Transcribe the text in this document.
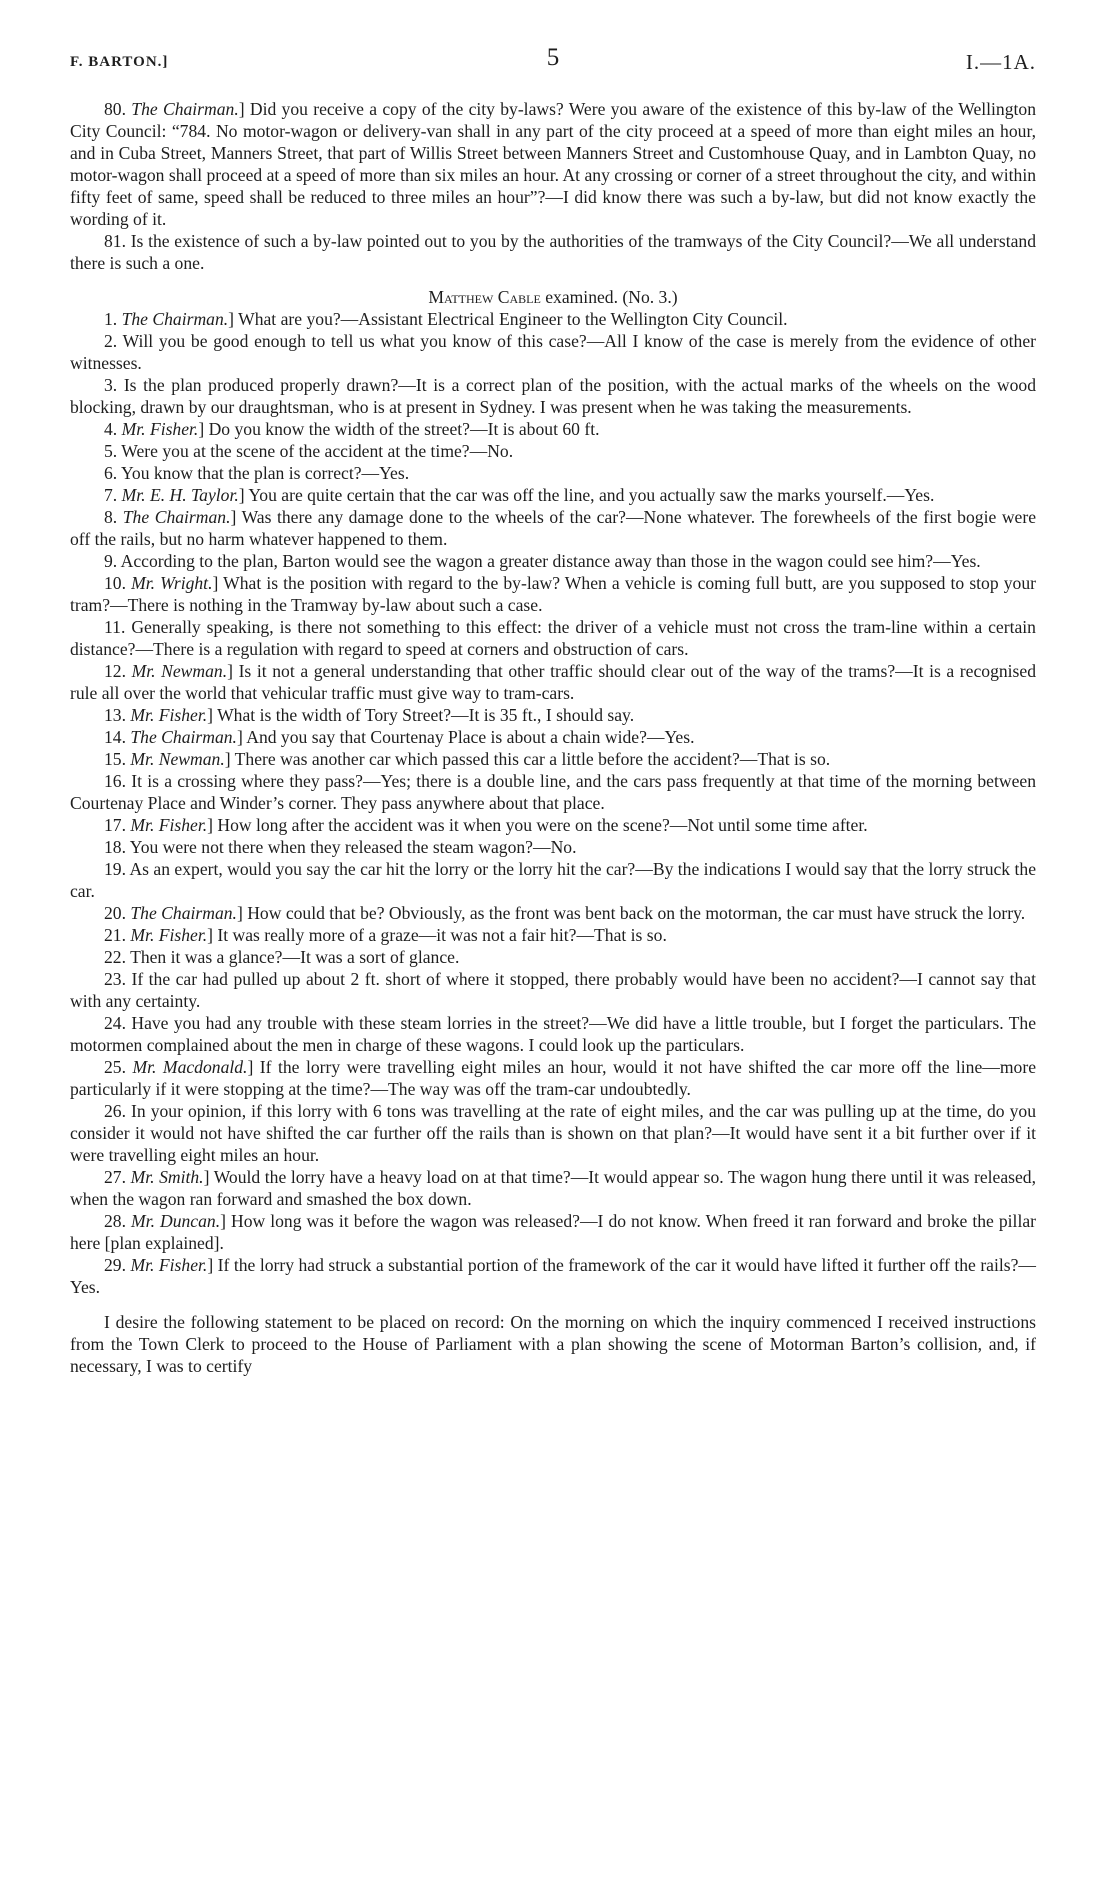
F. BARTON.]	5	I.—1A.

80. The Chairman.] Did you receive a copy of the city by-laws? Were you aware of the existence of this by-law of the Wellington City Council: “784. No motor-wagon or delivery-van shall in any part of the city proceed at a speed of more than eight miles an hour, and in Cuba Street, Manners Street, that part of Willis Street between Manners Street and Customhouse Quay, and in Lambton Quay, no motor-wagon shall proceed at a speed of more than six miles an hour. At any crossing or corner of a street throughout the city, and within fifty feet of same, speed shall be reduced to three miles an hour”?—I did know there was such a by-law, but did not know exactly the wording of it.

81. Is the existence of such a by-law pointed out to you by the authorities of the tramways of the City Council?—We all understand there is such a one.

Matthew Cable examined. (No. 3.)

1. The Chairman.] What are you?—Assistant Electrical Engineer to the Wellington City Council.

2. Will you be good enough to tell us what you know of this case?—All I know of the case is merely from the evidence of other witnesses.

3. Is the plan produced properly drawn?—It is a correct plan of the position, with the actual marks of the wheels on the wood blocking, drawn by our draughtsman, who is at present in Sydney. I was present when he was taking the measurements.

4. Mr. Fisher.] Do you know the width of the street?—It is about 60 ft.

5. Were you at the scene of the accident at the time?—No.

6. You know that the plan is correct?—Yes.

7. Mr. E. H. Taylor.] You are quite certain that the car was off the line, and you actually saw the marks yourself.—Yes.

8. The Chairman.] Was there any damage done to the wheels of the car?—None whatever. The forewheels of the first bogie were off the rails, but no harm whatever happened to them.

9. According to the plan, Barton would see the wagon a greater distance away than those in the wagon could see him?—Yes.

10. Mr. Wright.] What is the position with regard to the by-law? When a vehicle is coming full butt, are you supposed to stop your tram?—There is nothing in the Tramway by-law about such a case.

11. Generally speaking, is there not something to this effect: the driver of a vehicle must not cross the tram-line within a certain distance?—There is a regulation with regard to speed at corners and obstruction of cars.

12. Mr. Newman.] Is it not a general understanding that other traffic should clear out of the way of the trams?—It is a recognised rule all over the world that vehicular traffic must give way to tram-cars.

13. Mr. Fisher.] What is the width of Tory Street?—It is 35 ft., I should say.

14. The Chairman.] And you say that Courtenay Place is about a chain wide?—Yes.

15. Mr. Newman.] There was another car which passed this car a little before the accident?—That is so.

16. It is a crossing where they pass?—Yes; there is a double line, and the cars pass frequently at that time of the morning between Courtenay Place and Winder’s corner. They pass anywhere about that place.

17. Mr. Fisher.] How long after the accident was it when you were on the scene?—Not until some time after.

18. You were not there when they released the steam wagon?—No.

19. As an expert, would you say the car hit the lorry or the lorry hit the car?—By the indications I would say that the lorry struck the car.

20. The Chairman.] How could that be? Obviously, as the front was bent back on the motorman, the car must have struck the lorry.

21. Mr. Fisher.] It was really more of a graze—it was not a fair hit?—That is so.

22. Then it was a glance?—It was a sort of glance.

23. If the car had pulled up about 2 ft. short of where it stopped, there probably would have been no accident?—I cannot say that with any certainty.

24. Have you had any trouble with these steam lorries in the street?—We did have a little trouble, but I forget the particulars. The motormen complained about the men in charge of these wagons. I could look up the particulars.

25. Mr. Macdonald.] If the lorry were travelling eight miles an hour, would it not have shifted the car more off the line—more particularly if it were stopping at the time?—The way was off the tram-car undoubtedly.

26. In your opinion, if this lorry with 6 tons was travelling at the rate of eight miles, and the car was pulling up at the time, do you consider it would not have shifted the car further off the rails than is shown on that plan?—It would have sent it a bit further over if it were travelling eight miles an hour.

27. Mr. Smith.] Would the lorry have a heavy load on at that time?—It would appear so. The wagon hung there until it was released, when the wagon ran forward and smashed the box down.

28. Mr. Duncan.] How long was it before the wagon was released?—I do not know. When freed it ran forward and broke the pillar here [plan explained].

29. Mr. Fisher.] If the lorry had struck a substantial portion of the framework of the car it would have lifted it further off the rails?—Yes.

I desire the following statement to be placed on record: On the morning on which the inquiry commenced I received instructions from the Town Clerk to proceed to the House of Parliament with a plan showing the scene of Motorman Barton’s collision, and, if necessary, I was to certify
